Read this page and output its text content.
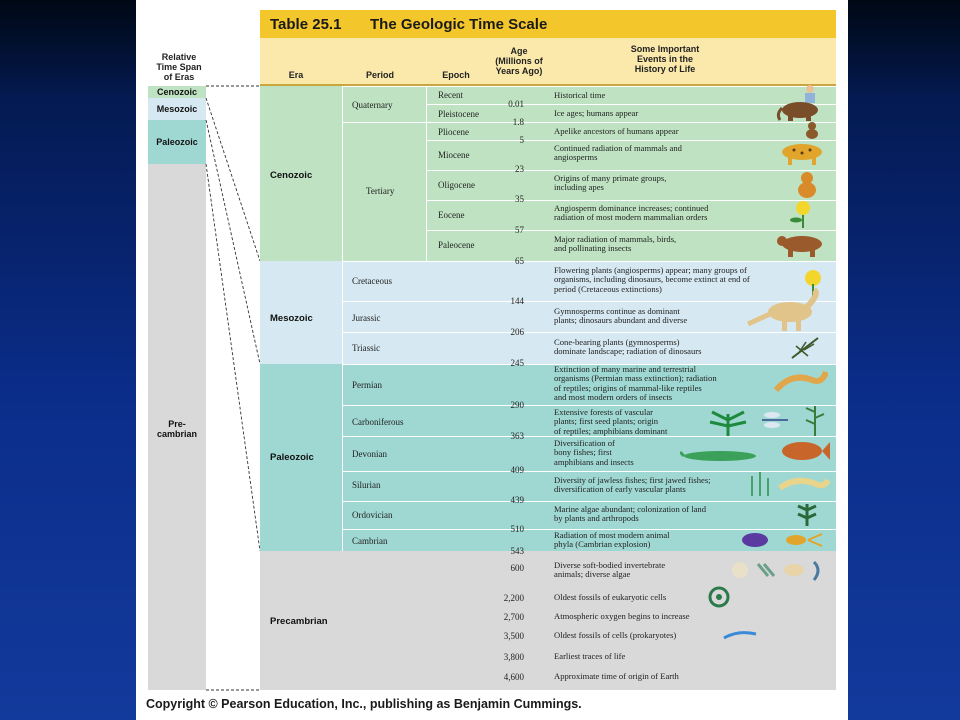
Relative
Time Span
of Eras
Cenozoic
Mesozoic
Paleozoic
Pre-
cambrian
Table 25.1 The Geologic Time Scale
Era	Period	Epoch
Age
(Millions of
Years Ago)
Some Important
Events in the
History of Life
Cenozoic
Mesozoic
Paleozoic
Precambrian
Quaternary
Tertiary
Recent
Pleistocene
Pliocene
Miocene
Oligocene
Eocene
Paleocene
Cretaceous
Jurassic
Triassic
Permian
Carboniferous
Devonian
Silurian
Ordovician
Cambrian
0.01
1.8
5
23
35
57
65
144
206
245
290
363
409
439
510
543
Historical time
Ice ages; humans appear
Apelike ancestors of humans appear
Continued radiation of mammals and
angiosperms
Origins of many primate groups,
including apes
Angiosperm dominance increases; continued
radiation of most modern mammalian orders
Major radiation of mammals, birds,
and pollinating insects
Flowering plants (angiosperms) appear; many groups of
organisms, including dinosaurs, become extinct at end of
period (Cretaceous extinctions)
Gymnosperms continue as dominant
plants; dinosaurs abundant and diverse
Cone-bearing plants (gymnosperms)
dominate landscape; radiation of dinosaurs
Extinction of many marine and terrestrial
organisms (Permian mass extinction); radiation
of reptiles; origins of mammal-like reptiles
and most modern orders of insects
Extensive forests of vascular
plants; first seed plants; origin
of reptiles; amphibians dominant
Diversification of
bony fishes; first
amphibians and insects
Diversity of jawless fishes; first jawed fishes;
diversification of early vascular plants
Marine algae abundant; colonization of land
by plants and arthropods
Radiation of most modern animal
phyla (Cambrian explosion)
600
2,200
2,700
3,500
3,800
4,600
Diverse soft-bodied invertebrate
animals; diverse algae
Oldest fossils of eukaryotic cells
Atmospheric oxygen begins to increase
Oldest fossils of cells (prokaryotes)
Earliest traces of life
Approximate time of origin of Earth
Copyright © Pearson Education, Inc., publishing as Benjamin Cummings.
